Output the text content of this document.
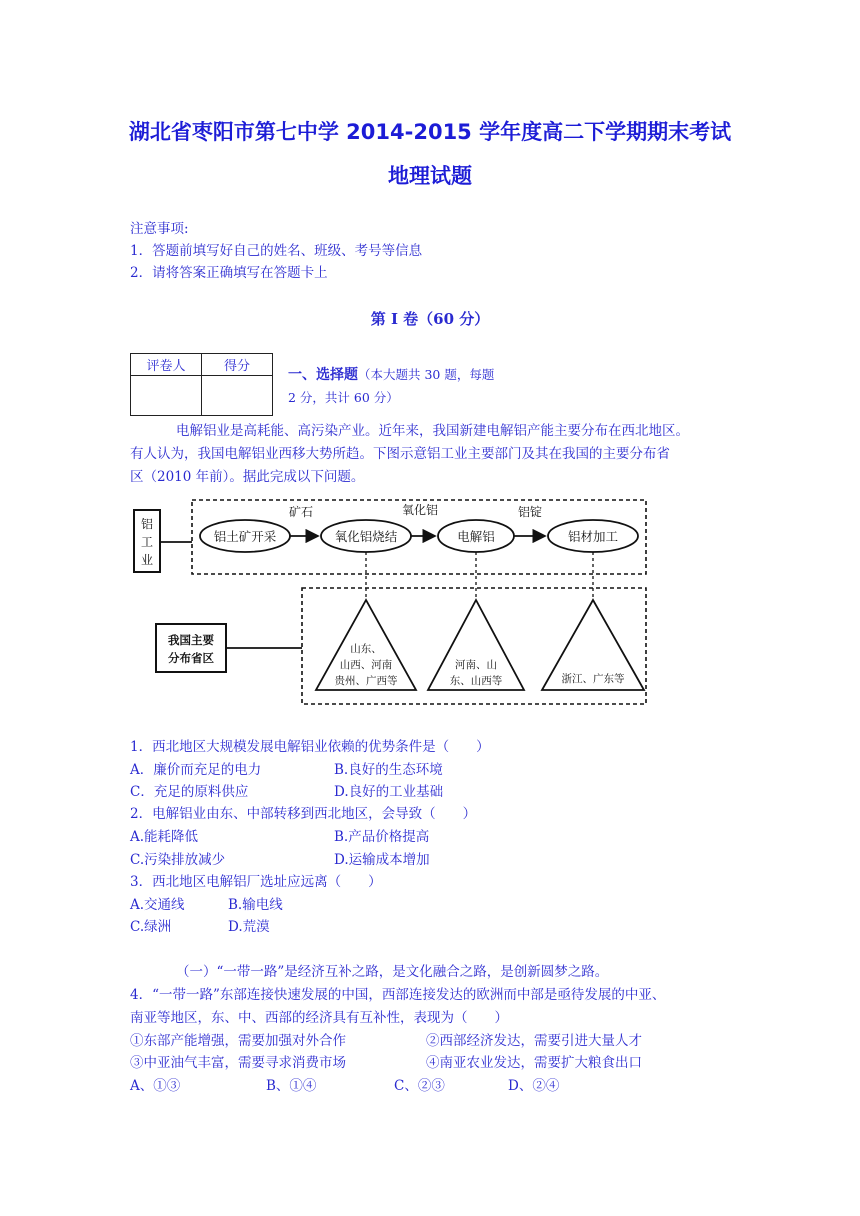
湖北省枣阳市第七中学 2014-2015 学年度高二下学期期末考试
地理试题
注意事项:
1．答题前填写好自己的姓名、班级、考号等信息
2．请将答案正确填写在答题卡上
第 I 卷（60 分）
评卷人	得分

一、选择题（本大题共 30 题，每题
2 分，共计 60 分）
电解铝业是高耗能、高污染产业。近年来，我国新建电解铝产能主要分布在西北地区。
有人认为，我国电解铝业西移大势所趋。下图示意铝工业主要部门及其在我国的主要分布省
区（2010 年前）。据此完成以下问题。
铝
工
业
铝土矿开采	氧化铝烧结	电解铝	铝材加工
矿石	氧化铝	铝锭
我国主要
分布省区
山东、
山西、河南
贵州、广西等
河南、山
东、山西等	浙江、广东等
1．西北地区大规模发展电解铝业依赖的优势条件是（　　）
A．廉价而充足的电力	B.良好的生态环境
C．充足的原料供应	D.良好的工业基础
2．电解铝业由东、中部转移到西北地区，会导致（　　）
A.能耗降低	B.产品价格提高
C.污染排放减少	D.运输成本增加
3．西北地区电解铝厂选址应远离（　　）
A.交通线	B.输电线
C.绿洲	D.荒漠
（一）“一带一路”是经济互补之路，是文化融合之路，是创新圆梦之路。
4．“一带一路”东部连接快速发展的中国，西部连接发达的欧洲而中部是亟待发展的中亚、
南亚等地区，东、中、西部的经济具有互补性，表现为（　　）
①东部产能增强，需要加强对外合作	②西部经济发达，需要引进大量人才
③中亚油气丰富，需要寻求消费市场	④南亚农业发达，需要扩大粮食出口
A、①③	B、①④	C、②③	D、②④
